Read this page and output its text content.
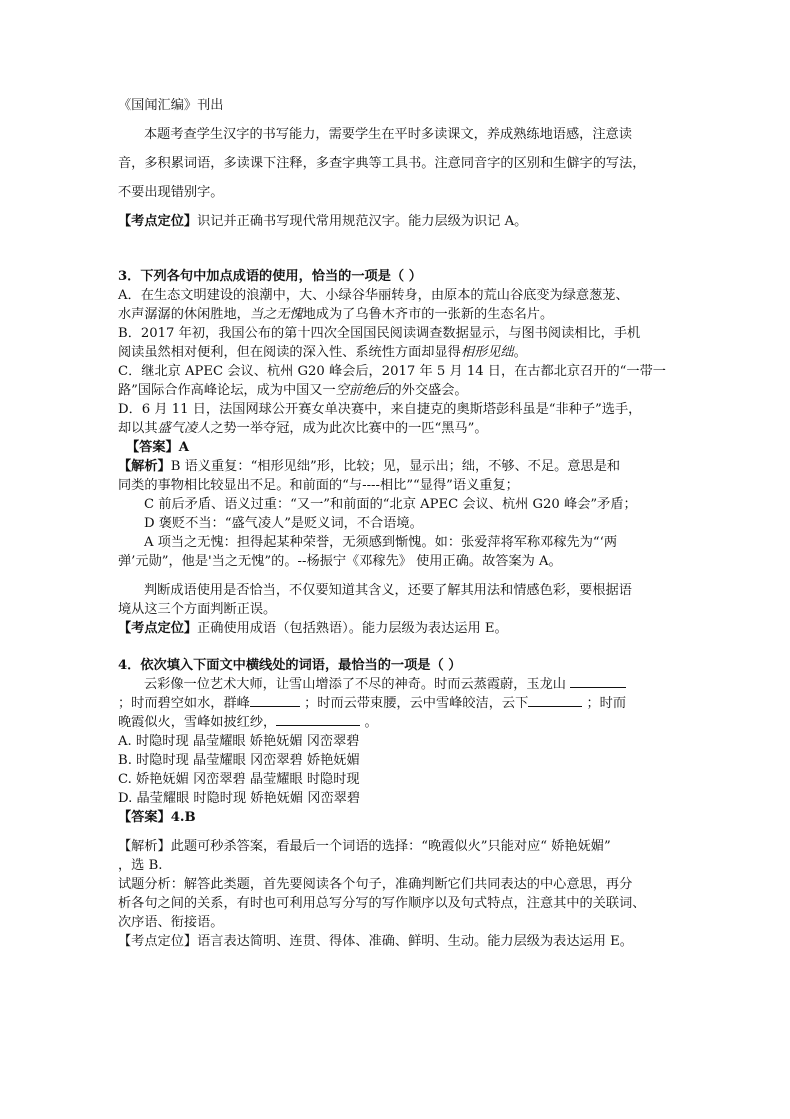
《国闻汇编》刊出
本题考查学生汉字的书写能力，需要学生在平时多读课文，养成熟练地语感，注意读
音，多积累词语，多读课下注释，多查字典等工具书。注意同音字的区别和生僻字的写法，
不要出现错别字。
【考点定位】识记并正确书写现代常用规范汉字。能力层级为识记 A。
3．下列各句中加点成语的使用，恰当的一项是（ ）
A．在生态文明建设的浪潮中，大、小绿谷华丽转身，由原本的荒山谷底变为绿意葱茏、
水声潺潺的休闲胜地，当之无愧地成为了乌鲁木齐市的一张新的生态名片。
B．2017 年初，我国公布的第十四次全国国民阅读调查数据显示，与图书阅读相比，手机
阅读虽然相对便利，但在阅读的深入性、系统性方面却显得相形见绌。
C．继北京 APEC 会议、杭州 G20 峰会后，2017 年 5 月 14 日，在古都北京召开的“一带一
路”国际合作高峰论坛，成为中国又一空前绝后的外交盛会。
D．6 月 11 日，法国网球公开赛女单决赛中，来自捷克的奥斯塔彭科虽是“非种子”选手，
却以其盛气凌人之势一举夺冠，成为此次比赛中的一匹“黑马”。
【答案】A
【解析】B 语义重复：“相形见绌”形，比较；见，显示出；绌，不够、不足。意思是和
同类的事物相比较显出不足。和前面的“与----相比”“显得”语义重复；
C 前后矛盾、语义过重：“又一”和前面的“北京 APEC 会议、杭州 G20 峰会”矛盾；
D 褒贬不当：“盛气凌人”是贬义词，不合语境。
A 项当之无愧：担得起某种荣誉，无须感到惭愧。如：张爱萍将军称邓稼先为“‘两
弹’元勋”，他是'当之无愧”的。--杨振宁《邓稼先》 使用正确。故答案为 A。
判断成语使用是否恰当，不仅要知道其含义，还要了解其用法和情感色彩，要根据语
境从这三个方面判断正误。
【考点定位】正确使用成语（包括熟语）。能力层级为表达运用 E。
4．依次填入下面文中横线处的词语，最恰当的一项是（ ）
云彩像一位艺术大师，让雪山增添了不尽的神奇。时而云蒸霞蔚，玉龙山
；时而碧空如水，群峰	；时而云带束腰，云中雪峰皎洁，云下	；时而
晚霞似火，雪峰如披红纱，	。
A. 时隐时现 晶莹耀眼 娇艳妩媚 冈峦翠碧
B. 时隐时现 晶莹耀眼 冈峦翠碧 娇艳妩媚
C. 娇艳妩媚 冈峦翠碧 晶莹耀眼 时隐时现
D. 晶莹耀眼 时隐时现 娇艳妩媚 冈峦翠碧
【答案】4.B
【解析】此题可秒杀答案，看最后一个词语的选择：“晚霞似火”只能对应“ 娇艳妩媚”
，选 B.
试题分析：解答此类题，首先要阅读各个句子，准确判断它们共同表达的中心意思，再分
析各句之间的关系，有时也可利用总写分写的写作顺序以及句式特点，注意其中的关联词、
次序语、衔接语。
【考点定位】语言表达简明、连贯、得体、准确、鲜明、生动。能力层级为表达运用 E。
